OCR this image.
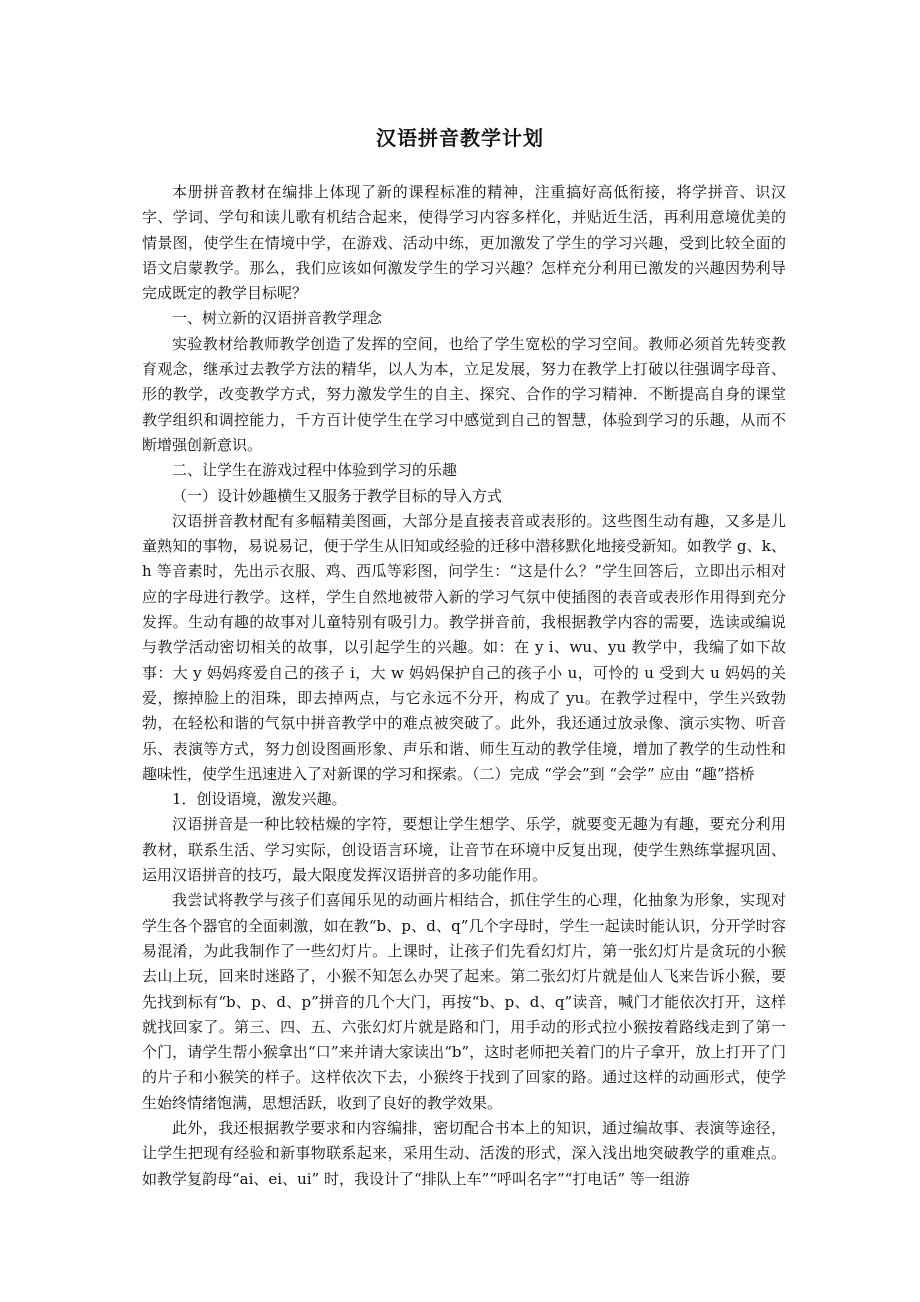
汉语拼音教学计划

本册拼音教材在编排上体现了新的课程标准的精神，注重搞好高低衔接，将学拼音、识汉字、学词、学句和读儿歌有机结合起来，使得学习内容多样化，并贴近生活，再利用意境优美的情景图，使学生在情境中学，在游戏、活动中练，更加激发了学生的学习兴趣，受到比较全面的语文启蒙教学。那么，我们应该如何激发学生的学习兴趣？怎样充分利用已激发的兴趣因势利导完成既定的教学目标呢？

一、树立新的汉语拼音教学理念

实验教材给教师教学创造了发挥的空间，也给了学生宽松的学习空间。教师必须首先转变教育观念，继承过去教学方法的精华，以人为本，立足发展，努力在教学上打破以往强调字母音、形的教学，改变教学方式，努力激发学生的自主、探究、合作的学习精神．不断提高自身的课堂教学组织和调控能力，千方百计使学生在学习中感觉到自己的智慧，体验到学习的乐趣，从而不断增强创新意识。

二、让学生在游戏过程中体验到学习的乐趣

（一）设计妙趣横生又服务于教学目标的导入方式

汉语拼音教材配有多幅精美图画，大部分是直接表音或表形的。这些图生动有趣，又多是儿童熟知的事物，易说易记，便于学生从旧知或经验的迁移中潜移默化地接受新知。如教学 g、k、h 等音素时，先出示衣服、鸡、西瓜等彩图，问学生：“这是什么？”学生回答后，立即出示相对应的字母进行教学。这样，学生自然地被带入新的学习气氛中使插图的表音或表形作用得到充分发挥。生动有趣的故事对儿童特别有吸引力。教学拼音前，我根据教学内容的需要，选读或编说与教学活动密切相关的故事，以引起学生的兴趣。如：在 y i、wu、yu 教学中，我编了如下故事：大 y 妈妈疼爱自己的孩子 i，大 w 妈妈保护自己的孩子小 u，可怜的 u 受到大 u 妈妈的关爱，擦掉脸上的泪珠，即去掉两点，与它永远不分开，构成了 yu。在教学过程中，学生兴致勃勃，在轻松和谐的气氛中拼音教学中的难点被突破了。此外，我还通过放录像、演示实物、听音乐、表演等方式，努力创设图画形象、声乐和谐、师生互动的教学佳境，增加了教学的生动性和趣味性，使学生迅速进入了对新课的学习和探索。（二）完成 “学会”到 “会学” 应由 “趣”搭桥

1．创设语境，激发兴趣。

汉语拼音是一种比较枯燥的字符，要想让学生想学、乐学，就要变无趣为有趣，要充分利用教材，联系生活、学习实际，创设语言环境，让音节在环境中反复出现，使学生熟练掌握巩固、运用汉语拼音的技巧，最大限度发挥汉语拼音的多功能作用。

我尝试将教学与孩子们喜闻乐见的动画片相结合，抓住学生的心理，化抽象为形象，实现对学生各个器官的全面刺激，如在教“b、p、d、q”几个字母时，学生一起读时能认识，分开学时容易混淆，为此我制作了一些幻灯片。上课时，让孩子们先看幻灯片，第一张幻灯片是贪玩的小猴去山上玩，回来时迷路了，小猴不知怎么办哭了起来。第二张幻灯片就是仙人飞来告诉小猴，要先找到标有“b、p、d、p”拼音的几个大门，再按“b、p、d、q”读音，喊门才能依次打开，这样就找回家了。第三、四、五、六张幻灯片就是路和门，用手动的形式拉小猴按着路线走到了第一个门，请学生帮小猴拿出“口”来并请大家读出“b”，这时老师把关着门的片子拿开，放上打开了门的片子和小猴笑的样子。这样依次下去，小猴终于找到了回家的路。通过这样的动画形式，使学生始终情绪饱满，思想活跃，收到了良好的教学效果。

此外，我还根据教学要求和内容编排，密切配合书本上的知识，通过编故事、表演等途径，让学生把现有经验和新事物联系起来，采用生动、活泼的形式，深入浅出地突破教学的重难点。如教学复韵母“ai、ei、ui” 时，我设计了“排队上车”“呼叫名字”“打电话” 等一组游
